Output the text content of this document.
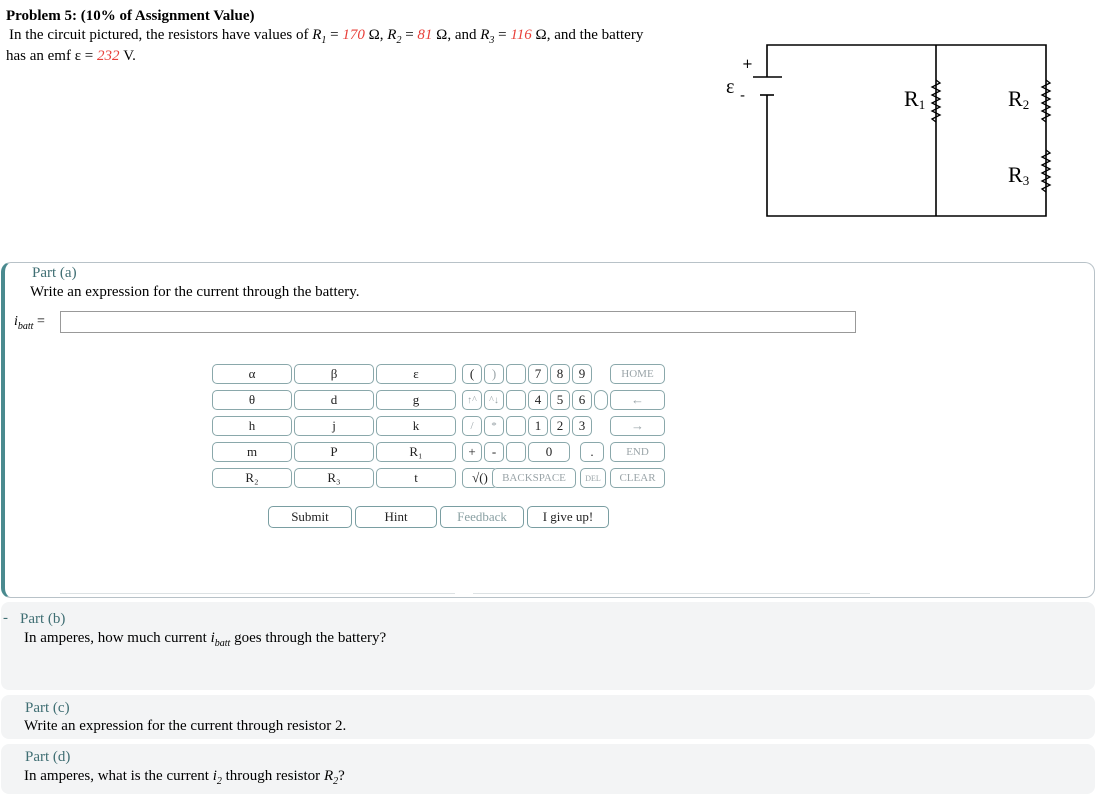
Problem 5: (10% of Assignment Value)
In the circuit pictured, the resistors have values of $R_1 = 170$ Ω, $R_2 = 81$ Ω, and $R_3 = 116$ Ω, and the battery
has an emf ε = 232 V.
+
-
ε	R1	R2
R3
Part (a)
Write an expression for the current through the battery.
$i_{batt}$ =
α	β	ε
θ	d	g
h	j	k
m	P	R₁
R₂	R₃	t
(	)	7	8	9	HOME
↑^	^↓	4	5	6	←
/	*	1	2	3	→
+	-	0	.	END
√()	BACKSPACE	DEL	CLEAR
Submit	Hint	Feedback	I give up!
- Part (b)
In amperes, how much current $i_{batt}$ goes through the battery?
Part (c)
Write an expression for the current through resistor 2.
Part (d)
In amperes, what is the current $i_2$ through resistor $R_2$?
